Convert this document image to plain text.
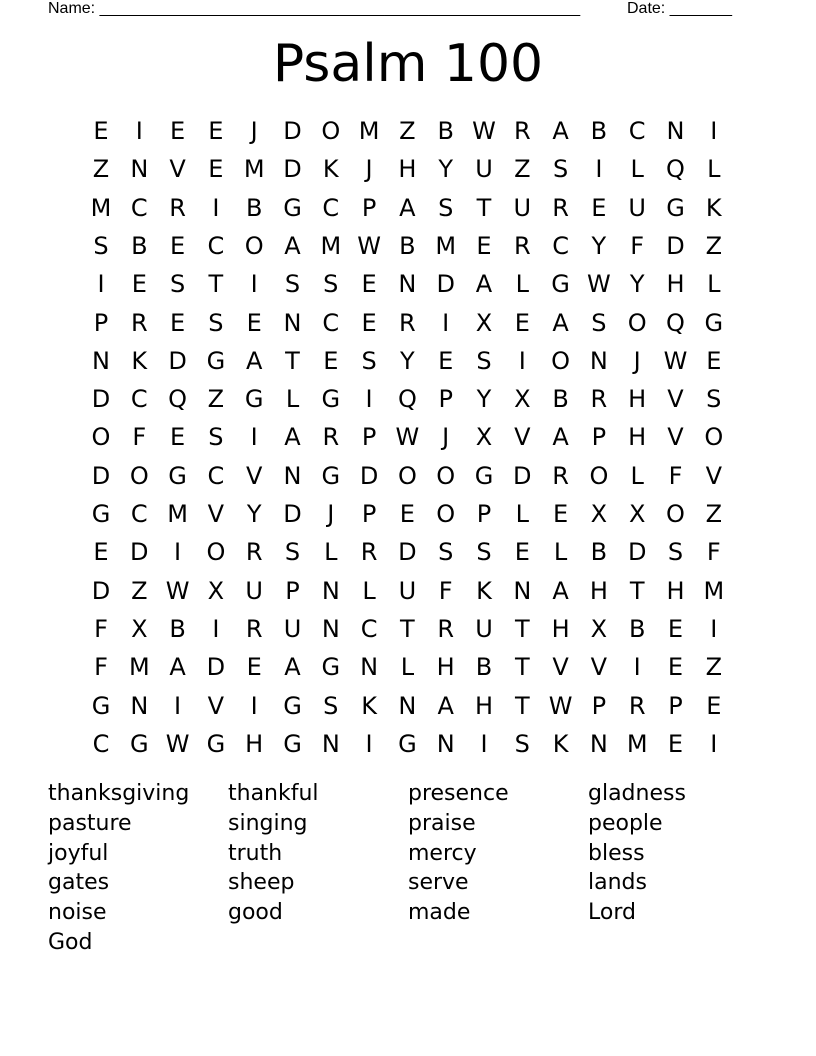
Name: ______________________________________________________	Date: _______
Psalm 100
E	I	E E	J	D O M Z B W R A B C N	I
Z N V E M D K	J	H Y U Z S	I	L Q L
M C R	I	B G C P A S T U R E U G K
S B E C O A M W B M E R C Y	F D Z
I	E S T	I	S S E N D A L G W Y H L
P R E S E N C E R	I	X E A S O Q G
N K D G A T E S Y E S	I	O N	J W E
D C Q Z G L G	I	Q P Y X B R H V S
O F E S	I	A R P W J	X V A P H V O
D O G C V N G D O O G D R O L	F V
G C M V Y D	J	P E O P	L	E X X O Z
E D	I	O R S	L R D S S E	L B D S F
D Z W X U P N L U F K N A H T H M
F X B	I	R U N C T R U T H X B E	I
F M A D E A G N L H B T V V	I	E Z
G N	I	V	I	G S K N A H T W P R P E
C G W G H G N	I	G N	I	S K N M E	I
thanksgiving thankful	presence	gladness
pasture	singing	praise	people
joyful	truth	mercy	bless
gates	sheep	serve	lands
noise	good	made	Lord
God
